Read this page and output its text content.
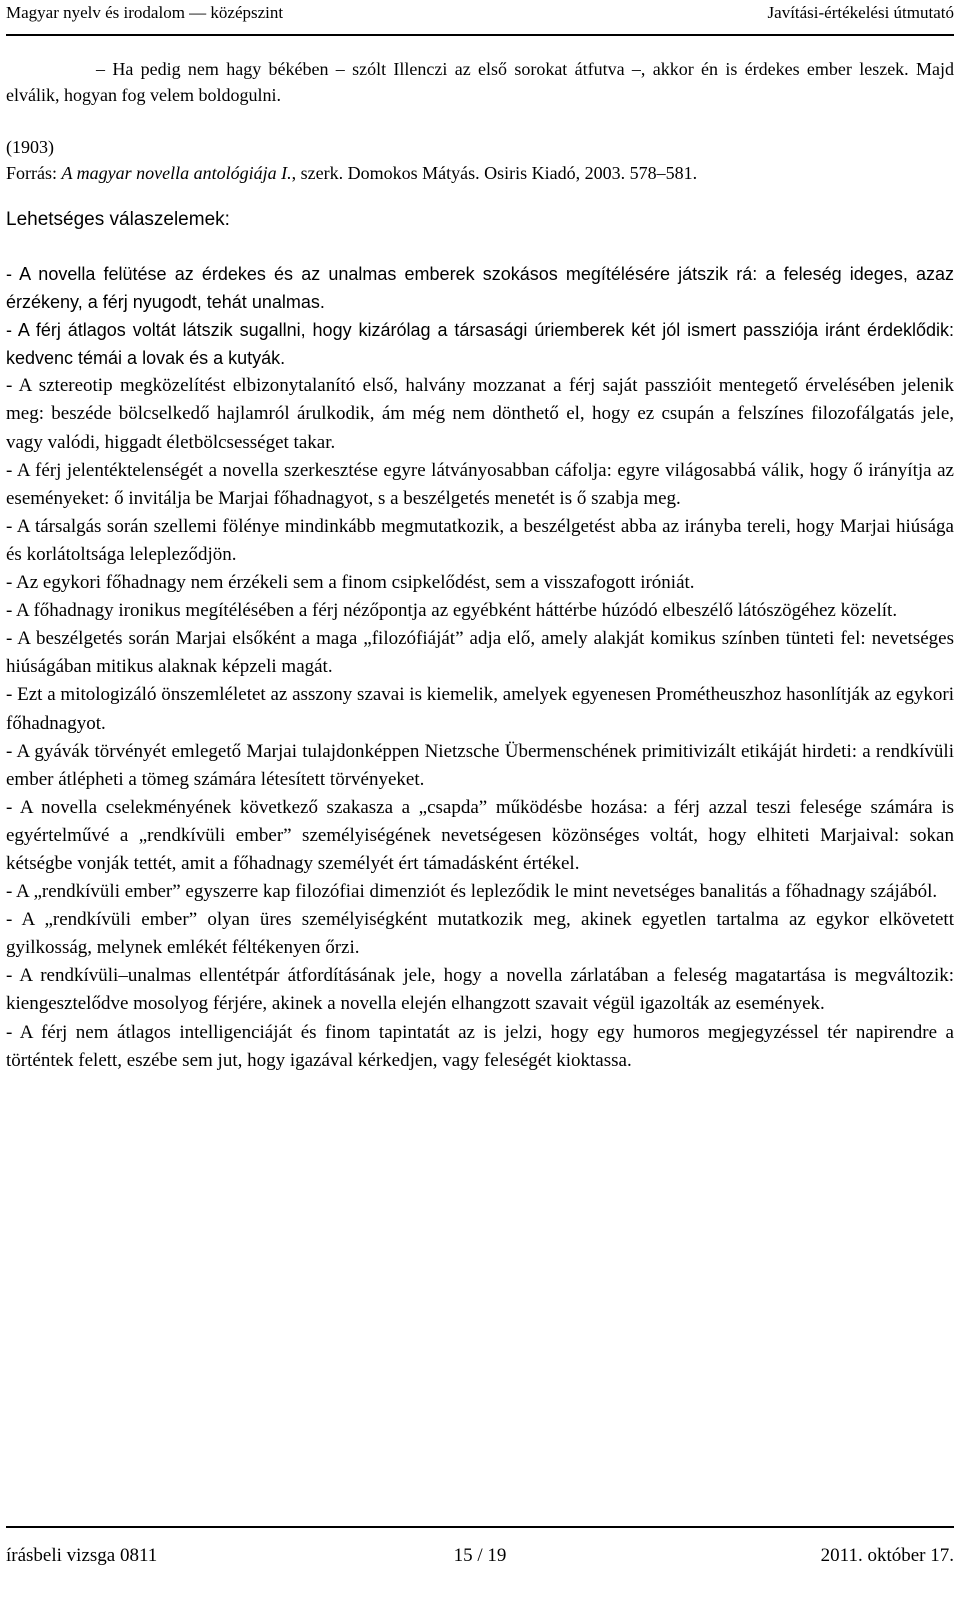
Magyar nyelv és irodalom — középszint	Javítási-értékelési útmutató

– Ha pedig nem hagy békében – szólt Illenczi az első sorokat átfutva –, akkor én is érdekes ember leszek. Majd elválik, hogyan fog velem boldogulni.

(1903)

Forrás: A magyar novella antológiája I., szerk. Domokos Mátyás. Osiris Kiadó, 2003. 578–581.

Lehetséges válaszelemek:

- A novella felütése az érdekes és az unalmas emberek szokásos megítélésére játszik rá: a feleség ideges, azaz érzékeny, a férj nyugodt, tehát unalmas.

- A férj átlagos voltát látszik sugallni, hogy kizárólag a társasági úriemberek két jól ismert passziója iránt érdeklődik: kedvenc témái a lovak és a kutyák.

- A sztereotip megközelítést elbizonytalanító első, halvány mozzanat a férj saját passzióit mentegető érvelésében jelenik meg: beszéde bölcselkedő hajlamról árulkodik, ám még nem dönthető el, hogy ez csupán a felszínes filozofálgatás jele, vagy valódi, higgadt életbölcsességet takar.

- A férj jelentéktelenségét a novella szerkesztése egyre látványosabban cáfolja: egyre világosabbá válik, hogy ő irányítja az eseményeket: ő invitálja be Marjai főhadnagyot, s a beszélgetés menetét is ő szabja meg.

- A társalgás során szellemi fölénye mindinkább megmutatkozik, a beszélgetést abba az irányba tereli, hogy Marjai hiúsága és korlátoltsága lelepleződjön.

- Az egykori főhadnagy nem érzékeli sem a finom csipkelődést, sem a visszafogott iróniát.

- A főhadnagy ironikus megítélésében a férj nézőpontja az egyébként háttérbe húzódó elbeszélő látószögéhez közelít.

- A beszélgetés során Marjai elsőként a maga „filozófiáját” adja elő, amely alakját komikus színben tünteti fel: nevetséges hiúságában mitikus alaknak képzeli magát.

- Ezt a mitologizáló önszemléletet az asszony szavai is kiemelik, amelyek egyenesen Prométheuszhoz hasonlítják az egykori főhadnagyot.

- A gyávák törvényét emlegető Marjai tulajdonképpen Nietzsche Übermenschének primitivizált etikáját hirdeti: a rendkívüli ember átlépheti a tömeg számára létesített törvényeket.

- A novella cselekményének következő szakasza a „csapda” működésbe hozása: a férj azzal teszi felesége számára is egyértelművé a „rendkívüli ember” személyiségének nevetségesen közönséges voltát, hogy elhiteti Marjaival: sokan kétségbe vonják tettét, amit a főhadnagy személyét ért támadásként értékel.

- A „rendkívüli ember” egyszerre kap filozófiai dimenziót és lepleződik le mint nevetséges banalitás a főhadnagy szájából.

- A „rendkívüli ember” olyan üres személyiségként mutatkozik meg, akinek egyetlen tartalma az egykor elkövetett gyilkosság, melynek emlékét féltékenyen őrzi.

- A rendkívüli–unalmas ellentétpár átfordításának jele, hogy a novella zárlatában a feleség magatartása is megváltozik: kiengesztelődve mosolyog férjére, akinek a novella elején elhangzott szavait végül igazolták az események.

- A férj nem átlagos intelligenciáját és finom tapintatát az is jelzi, hogy egy humoros megjegyzéssel tér napirendre a történtek felett, eszébe sem jut, hogy igazával kérkedjen, vagy feleségét kioktassa.

írásbeli vizsga 0811	15 / 19	2011. október 17.
